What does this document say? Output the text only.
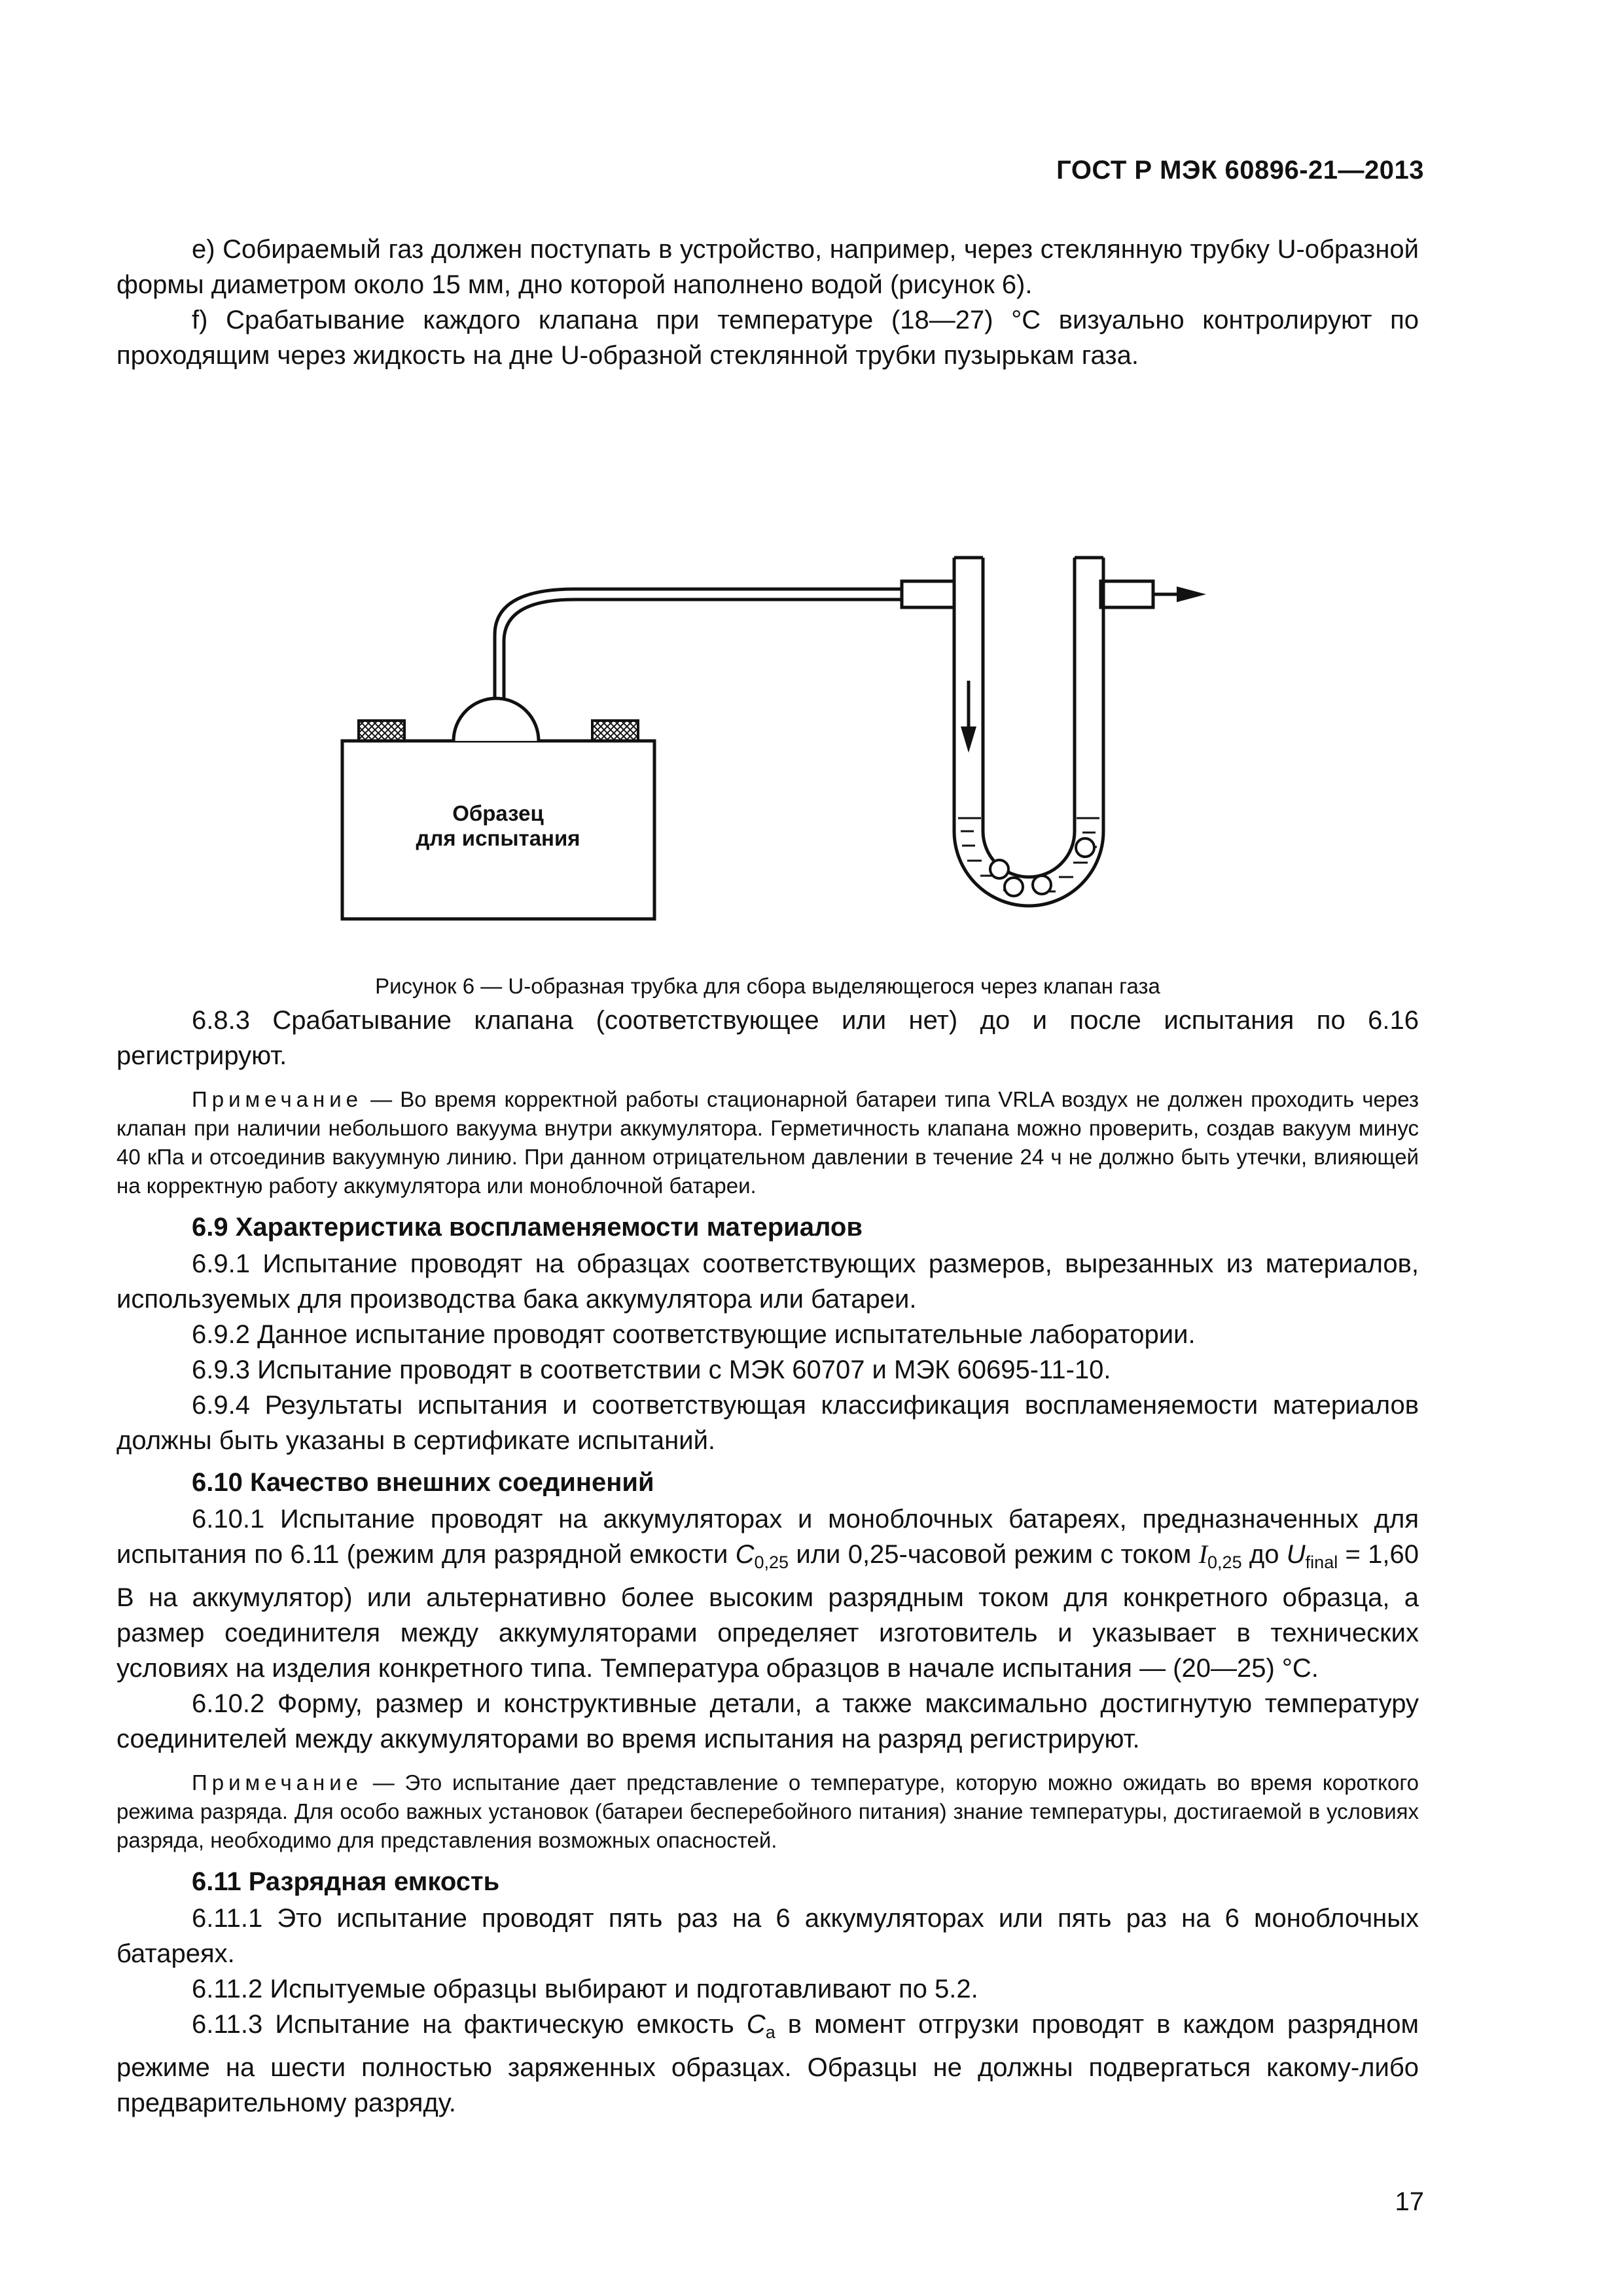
ГОСТ Р МЭК 60896-21—2013

e) Собираемый газ должен поступать в устройство, например, через стеклянную трубку U-образной формы диаметром около 15 мм, дно которой наполнено водой (рисунок 6).

f) Срабатывание каждого клапана при температуре (18—27) °С визуально контролируют по проходящим через жидкость на дне U-образной стеклянной трубки пузырькам газа.

Образец
для испытания
Рисунок 6 — U-образная трубка для сбора выделяющегося через клапан газа

6.8.3 Срабатывание клапана (соответствующее или нет) до и после испытания по 6.16 регистрируют.

Примечание — Во время корректной работы стационарной батареи типа VRLA воздух не должен проходить через клапан при наличии небольшого вакуума внутри аккумулятора. Герметичность клапана можно проверить, создав вакуум минус 40 кПа и отсоединив вакуумную линию. При данном отрицательном давлении в течение 24 ч не должно быть утечки, влияющей на корректную работу аккумулятора или моноблочной батареи.

6.9 Характеристика воспламеняемости материалов

6.9.1 Испытание проводят на образцах соответствующих размеров, вырезанных из материалов, используемых для производства бака аккумулятора или батареи.

6.9.2 Данное испытание проводят соответствующие испытательные лаборатории.

6.9.3 Испытание проводят в соответствии с МЭК 60707 и МЭК 60695-11-10.

6.9.4 Результаты испытания и соответствующая классификация воспламеняемости материалов должны быть указаны в сертификате испытаний.

6.10 Качество внешних соединений

6.10.1 Испытание проводят на аккумуляторах и моноблочных батареях, предназначенных для испытания по 6.11 (режим для разрядной емкости $C_{0,25}$ или 0,25-часовой режим с током $I_{0,25}$ до $U_{final} = 1,60$ В на аккумулятор) или альтернативно более высоким разрядным током для конкретного образца, а размер соединителя между аккумуляторами определяет изготовитель и указывает в технических условиях на изделия конкретного типа. Температура образцов в начале испытания — (20—25) °С.

6.10.2 Форму, размер и конструктивные детали, а также максимально достигнутую температуру соединителей между аккумуляторами во время испытания на разряд регистрируют.

Примечание — Это испытание дает представление о температуре, которую можно ожидать во время короткого режима разряда. Для особо важных установок (батареи бесперебойного питания) знание температуры, достигаемой в условиях разряда, необходимо для представления возможных опасностей.

6.11 Разрядная емкость

6.11.1 Это испытание проводят пять раз на 6 аккумуляторах или пять раз на 6 моноблочных батареях.

6.11.2 Испытуемые образцы выбирают и подготавливают по 5.2.

6.11.3 Испытание на фактическую емкость $C_a$ в момент отгрузки проводят в каждом разрядном режиме на шести полностью заряженных образцах. Образцы не должны подвергаться какому-либо предварительному разряду.

17
